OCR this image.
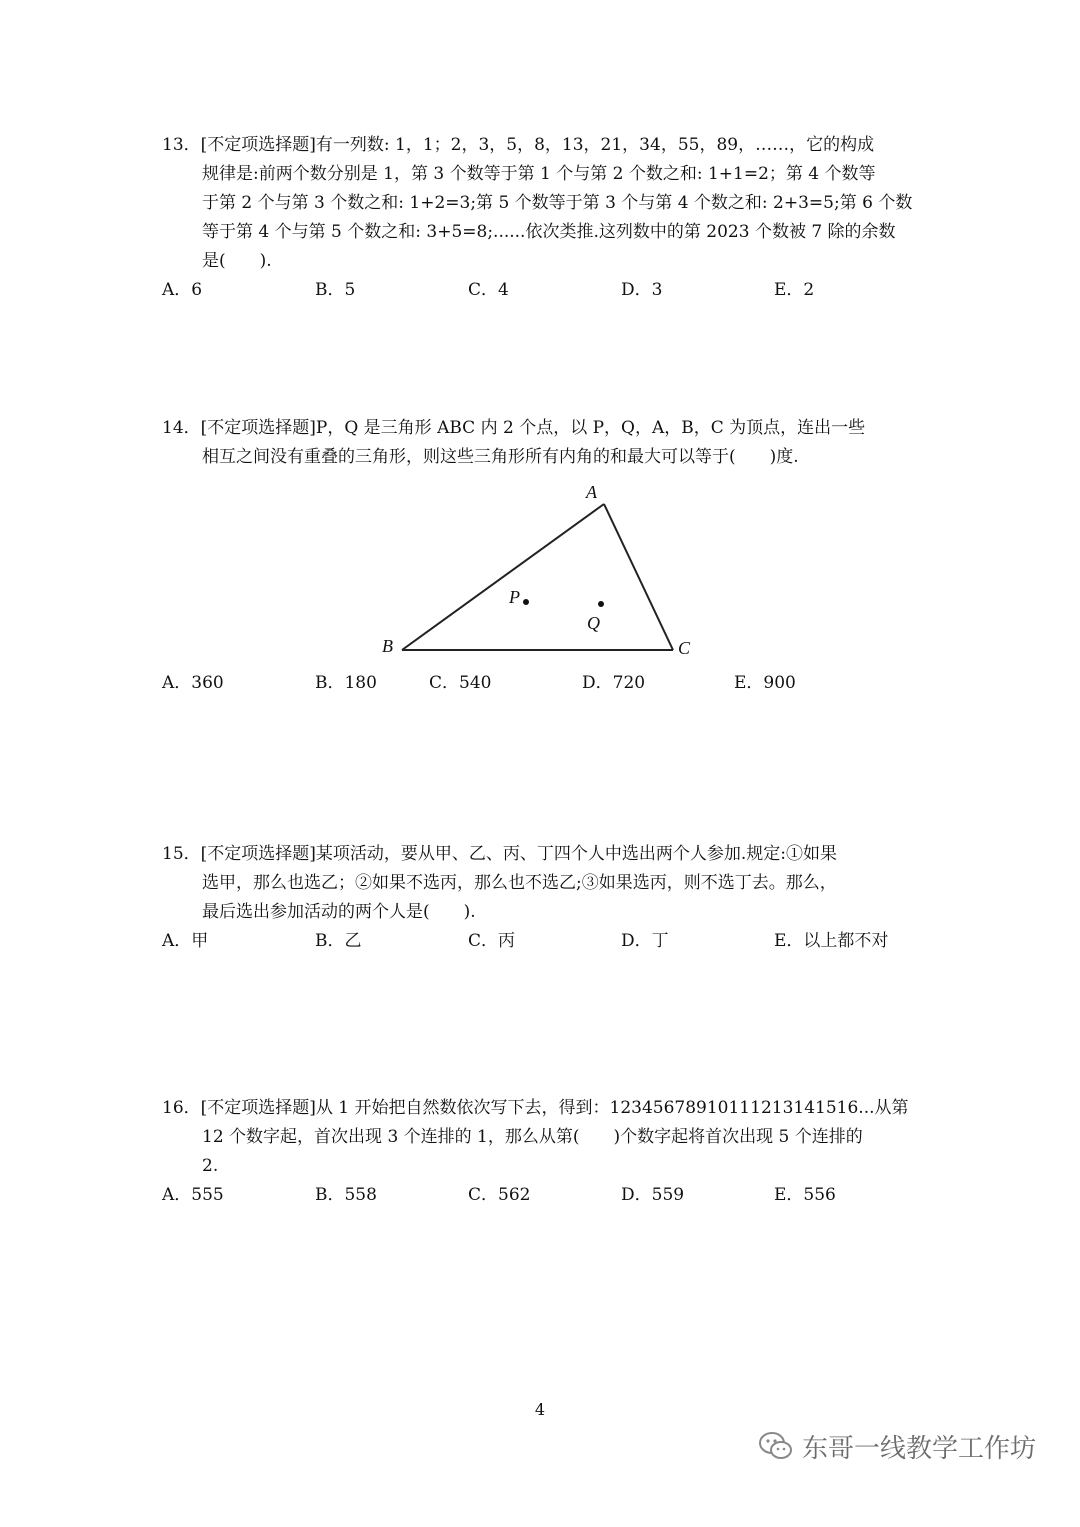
13．[不定项选择题]有一列数: 1，1；2，3，5，8，13，21，34，55，89，……，它的构成
规律是:前两个数分别是 1，第 3 个数等于第 1 个与第 2 个数之和: 1+1=2；第 4 个数等
于第 2 个与第 3 个数之和: 1+2=3;第 5 个数等于第 3 个与第 4 个数之和: 2+3=5;第 6 个数
等于第 4 个与第 5 个数之和: 3+5=8;......依次类推.这列数中的第 2023 个数被 7 除的余数
是(　　).
A．6	B．5	C．4	D．3	E．2
14．[不定项选择题]P，Q 是三角形 ABC 内 2 个点，以 P，Q，A，B，C 为顶点，连出一些
相互之间没有重叠的三角形，则这些三角形所有内角的和最大可以等于(　　)度.
A
B	C
P
Q
A．360	B．180	C．540	D．720	E．900
15．[不定项选择题]某项活动，要从甲、乙、丙、丁四个人中选出两个人参加.规定:①如果
选甲，那么也选乙；②如果不选丙，那么也不选乙;③如果选丙，则不选丁去。那么，
最后选出参加活动的两个人是(　　).
A．甲	B．乙	C．丙	D．丁	E．以上都不对
16．[不定项选择题]从 1 开始把自然数依次写下去，得到：12345678910111213141516...从第
12 个数字起，首次出现 3 个连排的 1，那么从第(　　)个数字起将首次出现 5 个连排的
2.
A．555	B．558	C．562	D．559	E．556
4
东哥一线教学工作坊
